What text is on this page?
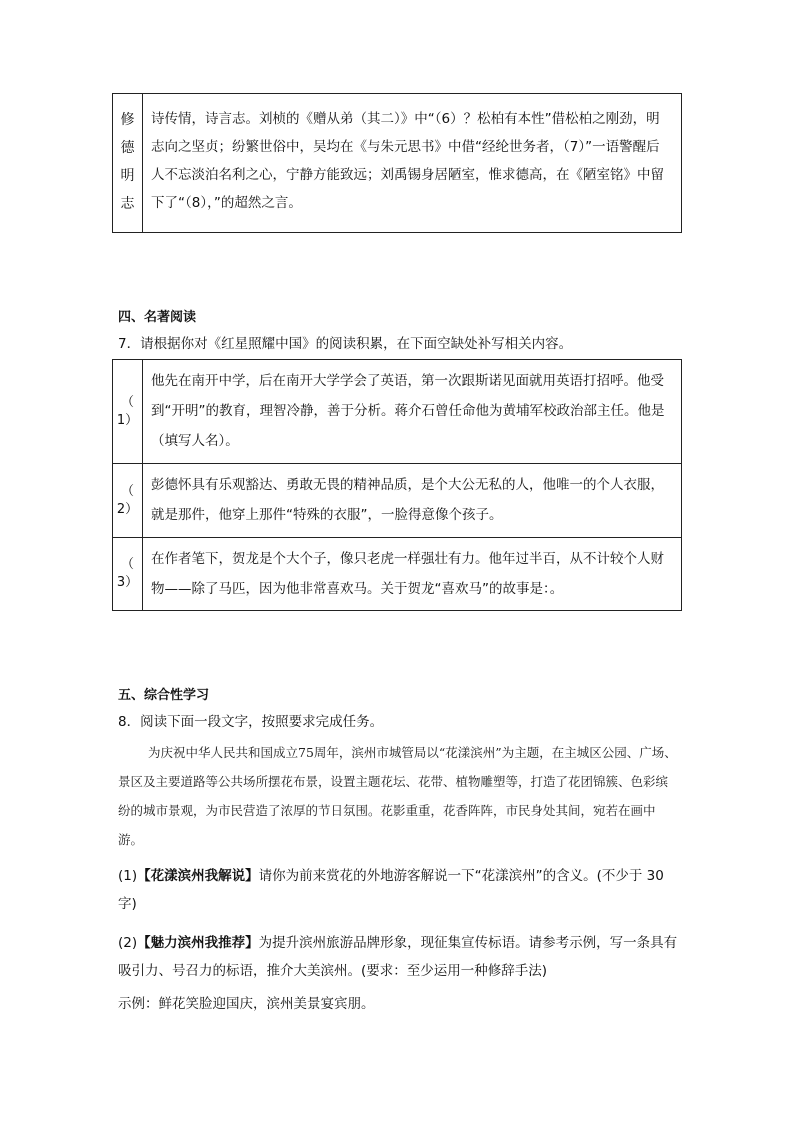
修
德
明
志
诗传情，诗言志。刘桢的《赠从弟（其二）》中“（6）？松柏有本性”借松柏之刚劲，明志向之坚贞；纷繁世俗中，吴均在《与朱元思书》中借“经纶世务者，（7）”一语警醒后人不忘淡泊名利之心，宁静方能致远；刘禹锡身居陋室，惟求德高，在《陋室铭》中留下了“（8），”的超然之言。
四、名著阅读
7．请根据你对《红星照耀中国》的阅读积累，在下面空缺处补写相关内容。
（
1）
他先在南开中学，后在南开大学学会了英语，第一次跟斯诺见面就用英语打招呼。他受到“开明”的教育，理智冷静，善于分析。蒋介石曾任命他为黄埔军校政治部主任。他是（填写人名）。
（
2）
彭德怀具有乐观豁达、勇敢无畏的精神品质，是个大公无私的人，他唯一的个人衣服，就是那件，他穿上那件“特殊的衣服”，一脸得意像个孩子。
（
3）
在作者笔下，贺龙是个大个子，像只老虎一样强壮有力。他年过半百，从不计较个人财物——除了马匹，因为他非常喜欢马。关于贺龙“喜欢马”的故事是：。
五、综合性学习
8．阅读下面一段文字，按照要求完成任务。
为庆祝中华人民共和国成立75周年，滨州市城管局以“花漾滨州”为主题，在主城区公园、广场、景区及主要道路等公共场所摆花布景，设置主题花坛、花带、植物雕塑等，打造了花团锦簇、色彩缤纷的城市景观，为市民营造了浓厚的节日氛围。花影重重，花香阵阵，市民身处其间，宛若在画中游。
(1)【花漾滨州我解说】请你为前来赏花的外地游客解说一下“花漾滨州”的含义。(不少于 30 字)
(2)【魅力滨州我推荐】为提升滨州旅游品牌形象，现征集宣传标语。请参考示例，写一条具有吸引力、号召力的标语，推介大美滨州。(要求：至少运用一种修辞手法)
示例：鲜花笑脸迎国庆，滨州美景宴宾朋。
